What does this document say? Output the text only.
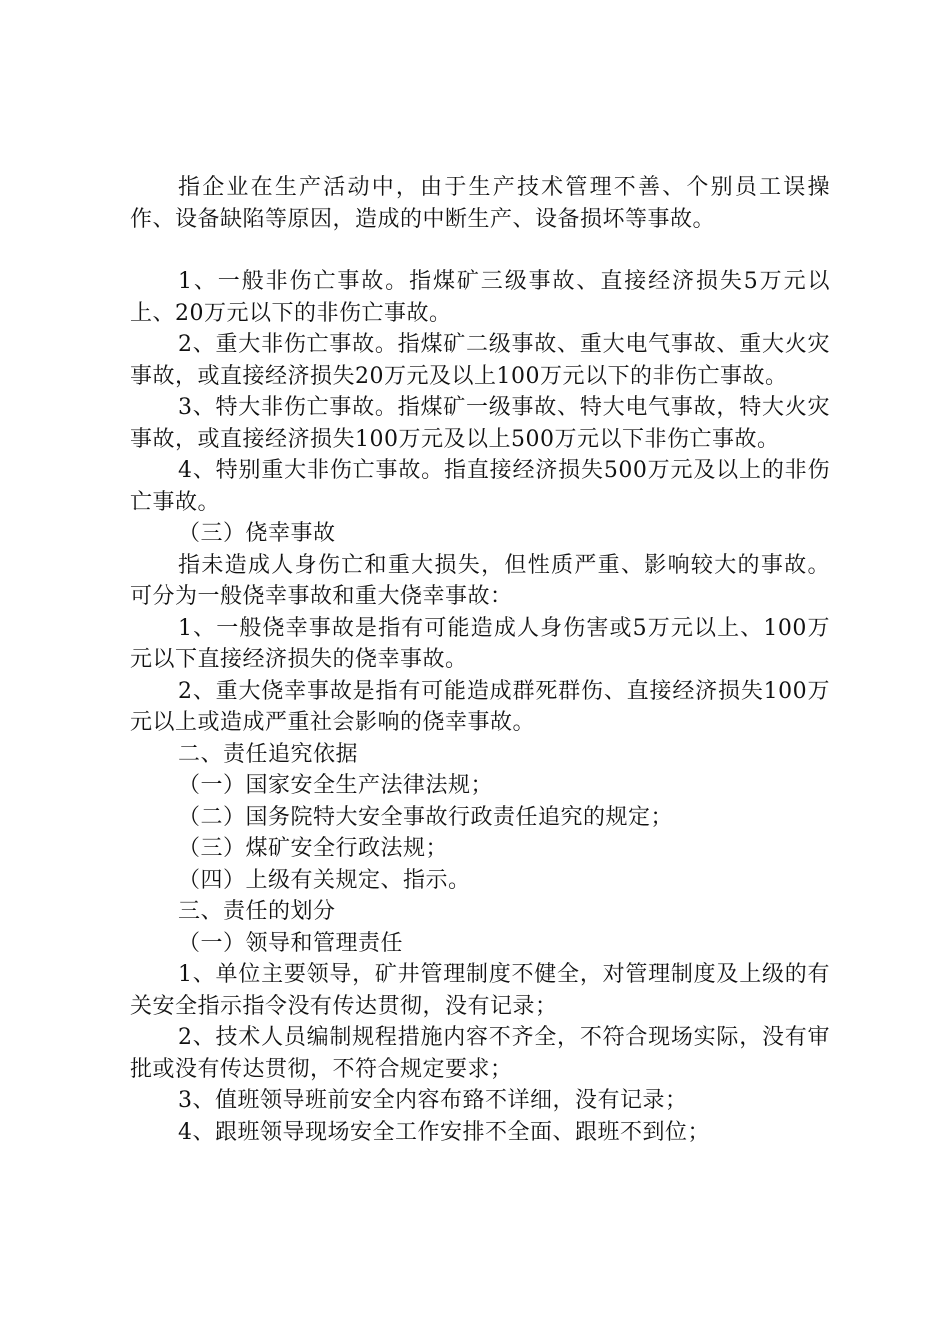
指企业在生产活动中，由于生产技术管理不善、个别员工误操作、设备缺陷等原因，造成的中断生产、设备损坏等事故。

1、一般非伤亡事故。指煤矿三级事故、直接经济损失5万元以上、20万元以下的非伤亡事故。

2、重大非伤亡事故。指煤矿二级事故、重大电气事故、重大火灾事故，或直接经济损失20万元及以上100万元以下的非伤亡事故。

3、特大非伤亡事故。指煤矿一级事故、特大电气事故，特大火灾事故，或直接经济损失100万元及以上500万元以下非伤亡事故。

4、特别重大非伤亡事故。指直接经济损失500万元及以上的非伤亡事故。

（三）侥幸事故

指未造成人身伤亡和重大损失，但性质严重、影响较大的事故。可分为一般侥幸事故和重大侥幸事故：

1、一般侥幸事故是指有可能造成人身伤害或5万元以上、100万元以下直接经济损失的侥幸事故。

2、重大侥幸事故是指有可能造成群死群伤、直接经济损失100万元以上或造成严重社会影响的侥幸事故。

二、责任追究依据

（一）国家安全生产法律法规；

（二）国务院特大安全事故行政责任追究的规定；

（三）煤矿安全行政法规；

（四）上级有关规定、指示。

三、责任的划分

（一）领导和管理责任

1、单位主要领导，矿井管理制度不健全，对管理制度及上级的有关安全指示指令没有传达贯彻，没有记录；

2、技术人员编制规程措施内容不齐全，不符合现场实际，没有审批或没有传达贯彻，不符合规定要求；

3、值班领导班前安全内容布臵不详细，没有记录；

4、跟班领导现场安全工作安排不全面、跟班不到位；
